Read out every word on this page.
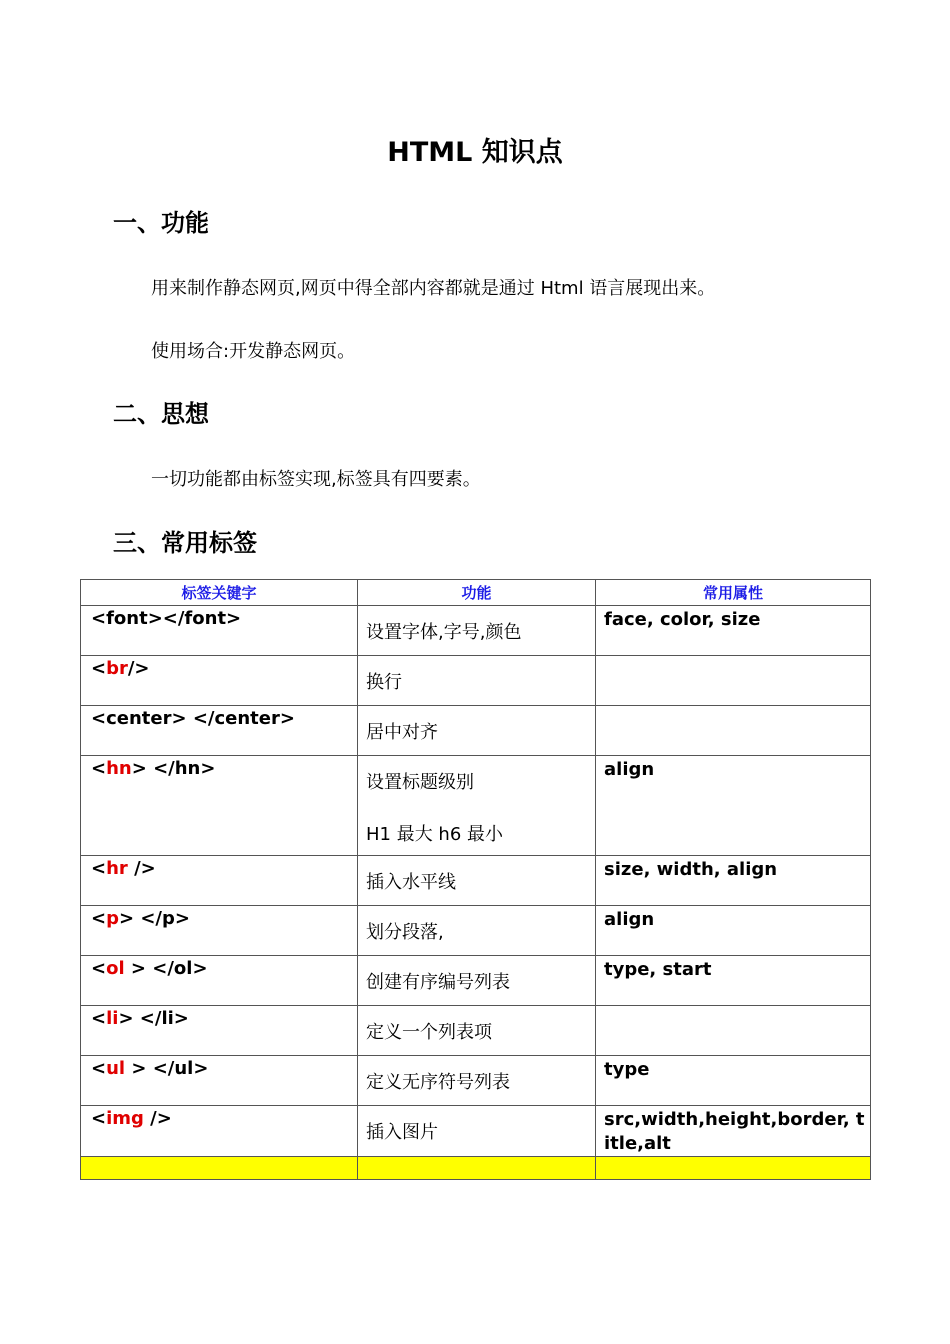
HTML 知识点
一、功能
用来制作静态网页,网页中得全部内容都就是通过 Html 语言展现出来。
使用场合:开发静态网页。
二、思想
一切功能都由标签实现,标签具有四要素。
三、常用标签
标签关键字	功能	常用属性

<font></font>	设置字体,字号,颜色	face, color, size

<br/>	换行	

<center> </center>	居中对齐	

<hn> </hn>	设置标题级别
H1 最大 h6 最小	align

<hr />	插入水平线	size, width, align

<p> </p>	划分段落,	align

<ol > </ol>	创建有序编号列表	type, start

<li> </li>	定义一个列表项	

<ul > </ul>	定义无序符号列表	type

<img />	插入图片	src,width,height,border, title,alt
